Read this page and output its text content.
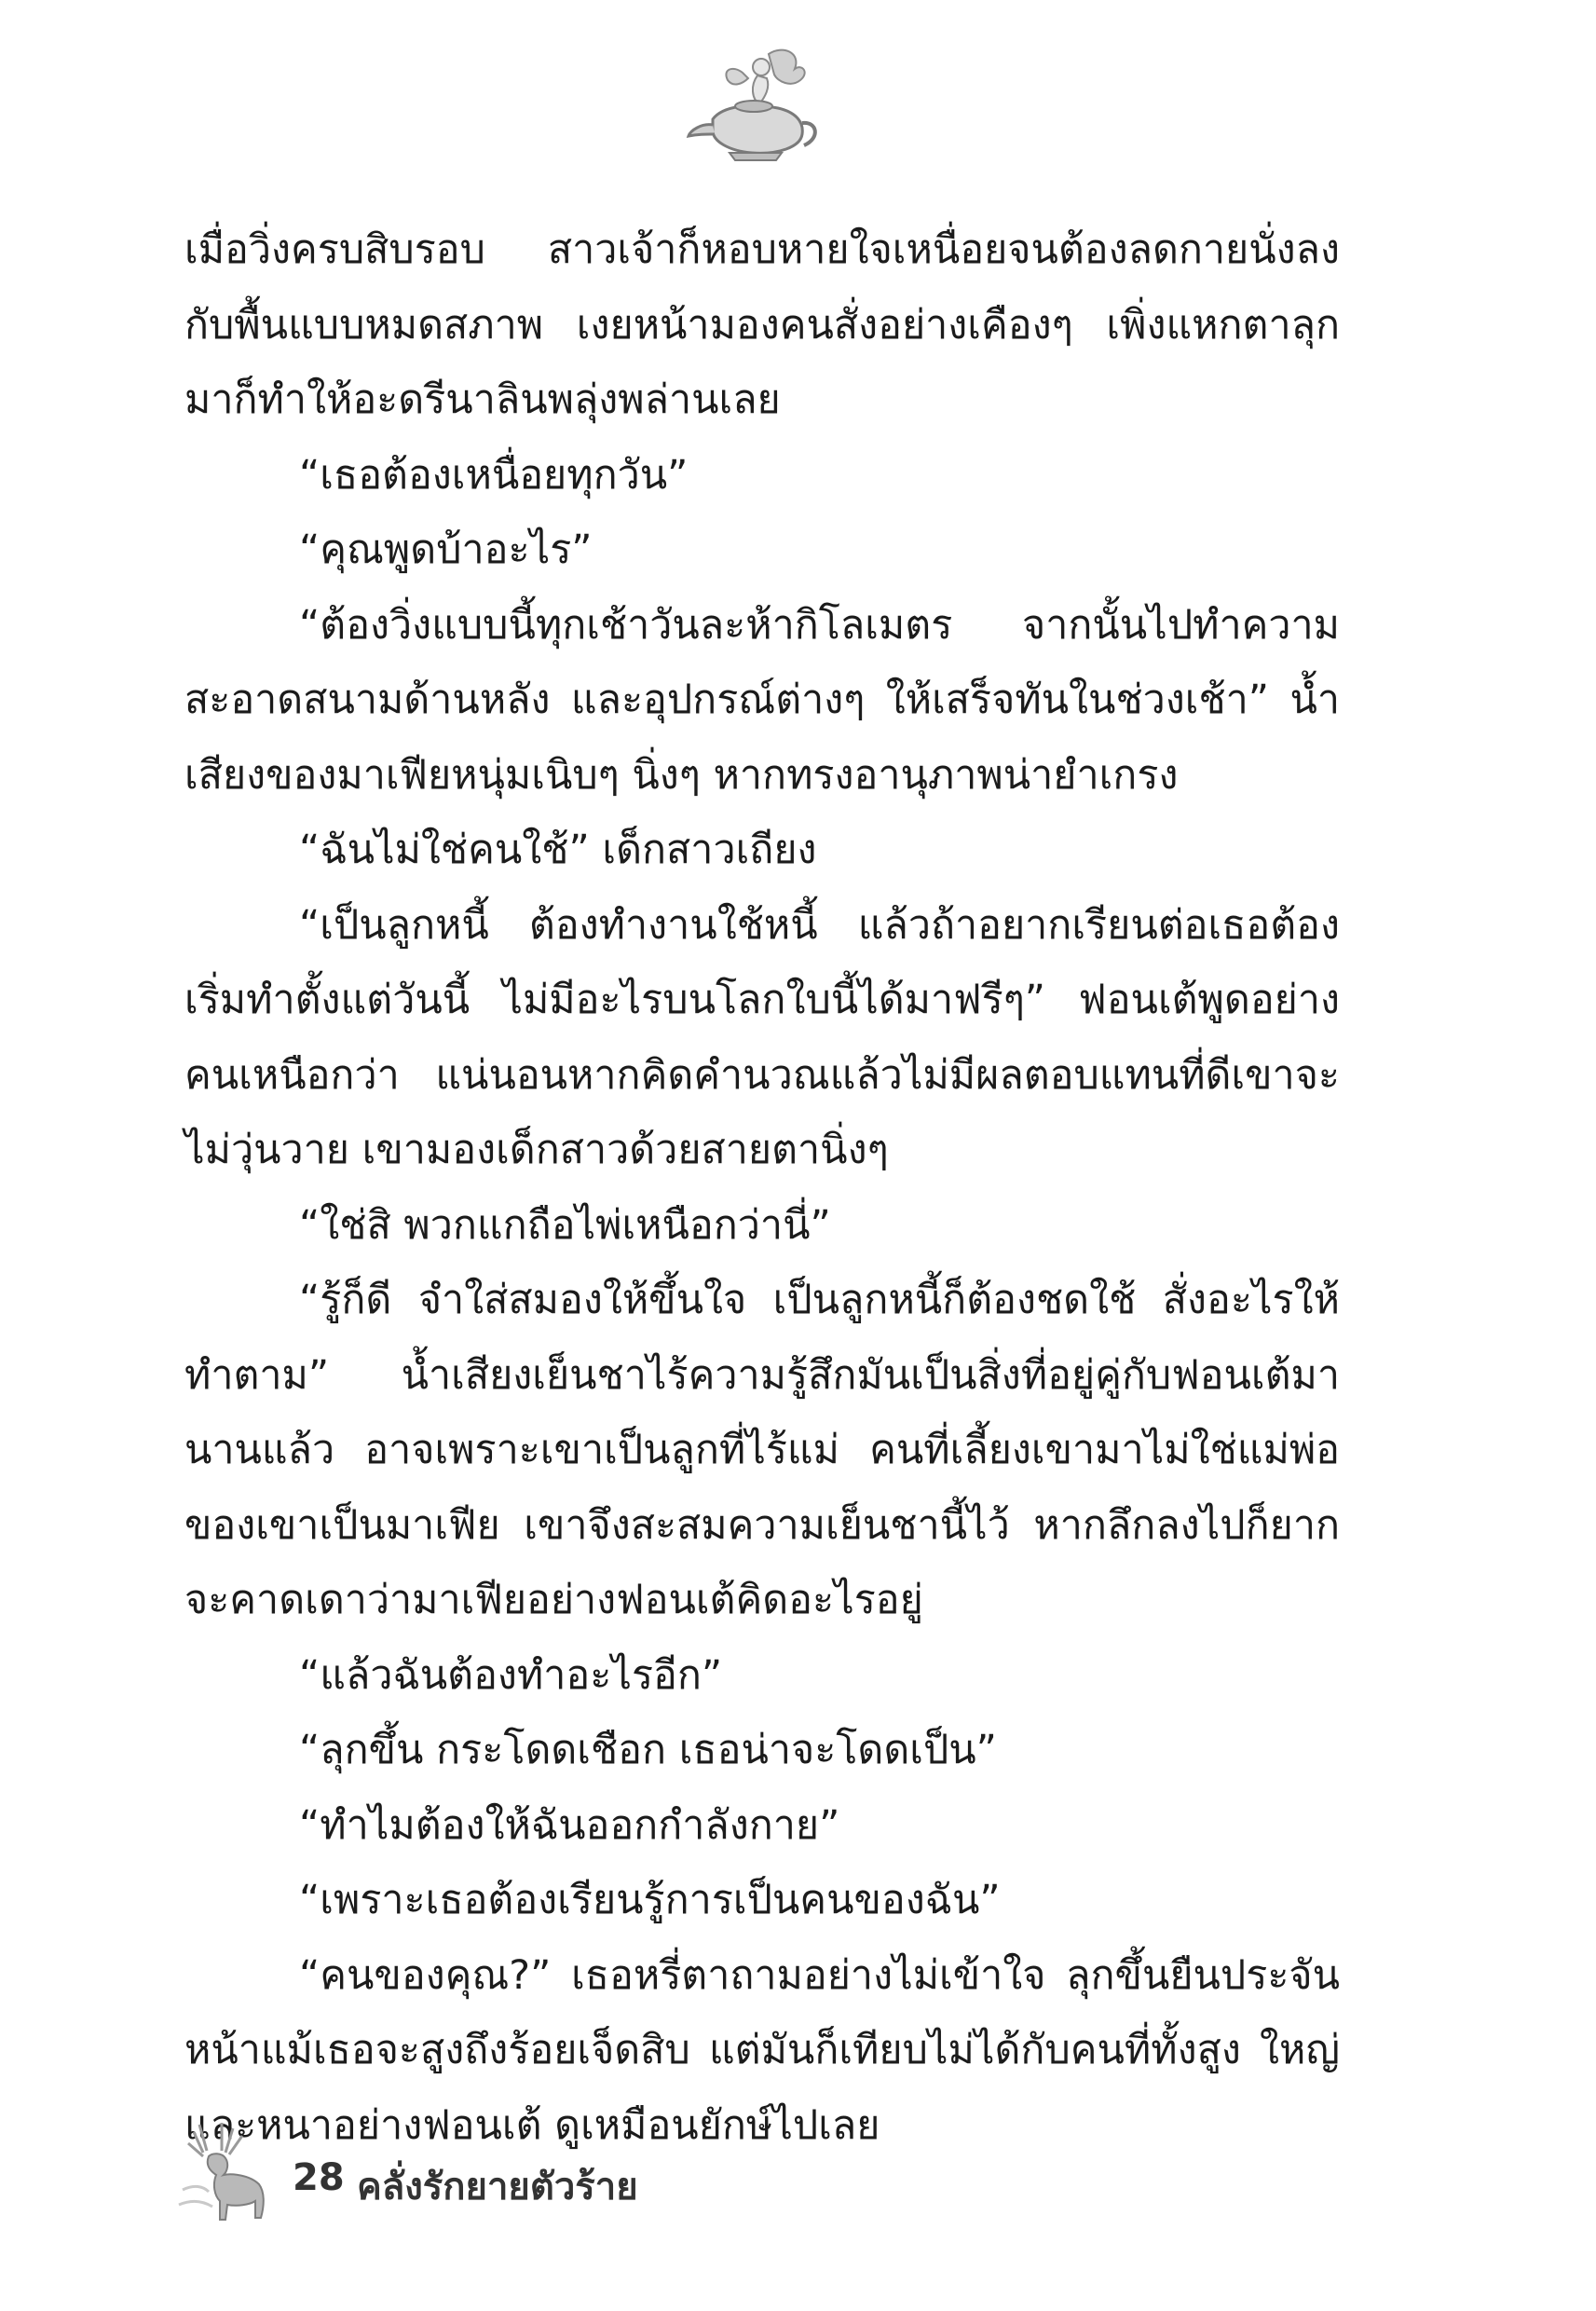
เมื่อวิ่งครบสิบรอบ สาวเจ้าก็หอบหายใจเหนื่อยจนต้องลดกายนั่งลงกับพื้นแบบหมดสภาพ เงยหน้ามองคนสั่งอย่างเคืองๆ เพิ่งแหกตาลุกมาก็ทำให้อะดรีนาลินพลุ่งพล่านเลย

“เธอต้องเหนื่อยทุกวัน”

“คุณพูดบ้าอะไร”

“ต้องวิ่งแบบนี้ทุกเช้าวันละห้ากิโลเมตร จากนั้นไปทำความสะอาดสนามด้านหลัง และอุปกรณ์ต่างๆ ให้เสร็จทันในช่วงเช้า” น้ำเสียงของมาเฟียหนุ่มเนิบๆ นิ่งๆ หากทรงอานุภาพน่ายำเกรง

“ฉันไม่ใช่คนใช้” เด็กสาวเถียง

“เป็นลูกหนี้ ต้องทำงานใช้หนี้ แล้วถ้าอยากเรียนต่อเธอต้องเริ่มทำตั้งแต่วันนี้ ไม่มีอะไรบนโลกใบนี้ได้มาฟรีๆ” ฟอนเต้พูดอย่างคนเหนือกว่า แน่นอนหากคิดคำนวณแล้วไม่มีผลตอบแทนที่ดีเขาจะไม่วุ่นวาย เขามองเด็กสาวด้วยสายตานิ่งๆ

“ใช่สิ พวกแกถือไพ่เหนือกว่านี่”

“รู้ก็ดี จำใส่สมองให้ขึ้นใจ เป็นลูกหนี้ก็ต้องชดใช้ สั่งอะไรให้ทำตาม” น้ำเสียงเย็นชาไร้ความรู้สึกมันเป็นสิ่งที่อยู่คู่กับฟอนเต้มานานแล้ว อาจเพราะเขาเป็นลูกที่ไร้แม่ คนที่เลี้ยงเขามาไม่ใช่แม่พ่อของเขาเป็นมาเฟีย เขาจึงสะสมความเย็นชานี้ไว้ หากลึกลงไปก็ยากจะคาดเดาว่ามาเฟียอย่างฟอนเต้คิดอะไรอยู่

“แล้วฉันต้องทำอะไรอีก”

“ลุกขึ้น กระโดดเชือก เธอน่าจะโดดเป็น”

“ทำไมต้องให้ฉันออกกำลังกาย”

“เพราะเธอต้องเรียนรู้การเป็นคนของฉัน”

“คนของคุณ?” เธอหรี่ตาถามอย่างไม่เข้าใจ ลุกขึ้นยืนประจันหน้าแม้เธอจะสูงถึงร้อยเจ็ดสิบ แต่มันก็เทียบไม่ได้กับคนที่ทั้งสูง ใหญ่และหนาอย่างฟอนเต้ ดูเหมือนยักษ์ไปเลย

28 คลั่งรักยายตัวร้าย
